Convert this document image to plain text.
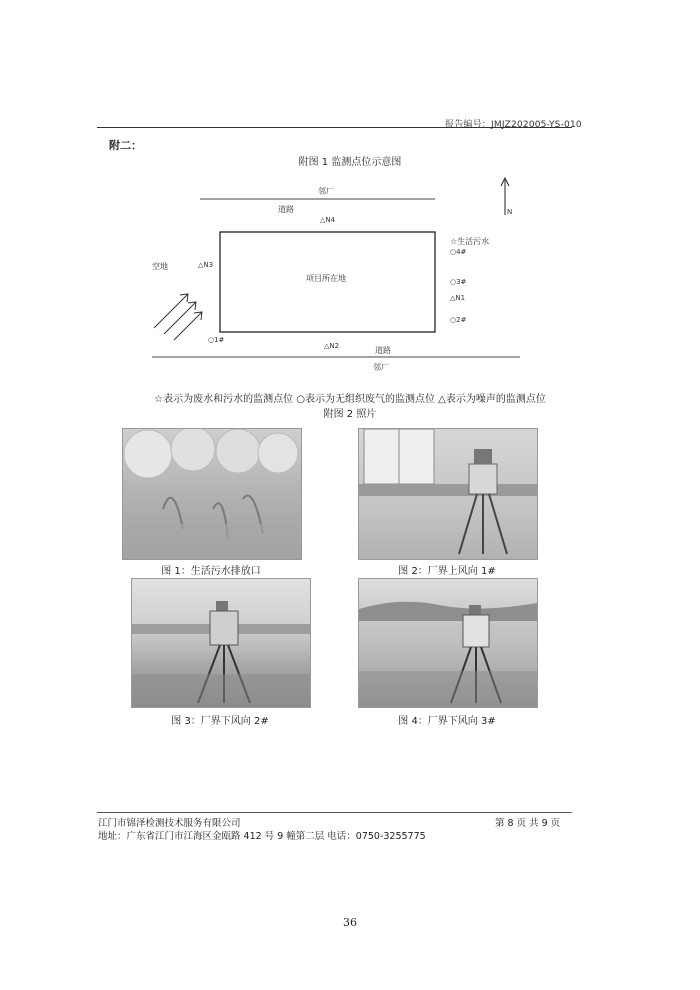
报告编号：JMJZ202005-YS-010
附二：
附图 1 监测点位示意图
邻厂
道路
△N4
N
☆生活污水
○4#
空地	△N3
项目所在地	○3#
△N1
○2#
○1#
△N2	道路
邻厂
☆表示为废水和污水的监测点位 ○表示为无组织废气的监测点位 △表示为噪声的监测点位
附图 2 照片
图 1：生活污水排放口	图 2：厂界上风向 1#
图 3：厂界下风向 2#	图 4：厂界下风向 3#
江门市锦泽检测技术服务有限公司	第 8 页 共 9 页
地址：广东省江门市江海区金瓯路 412 号 9 幢第二层 电话：0750-3255775
36
